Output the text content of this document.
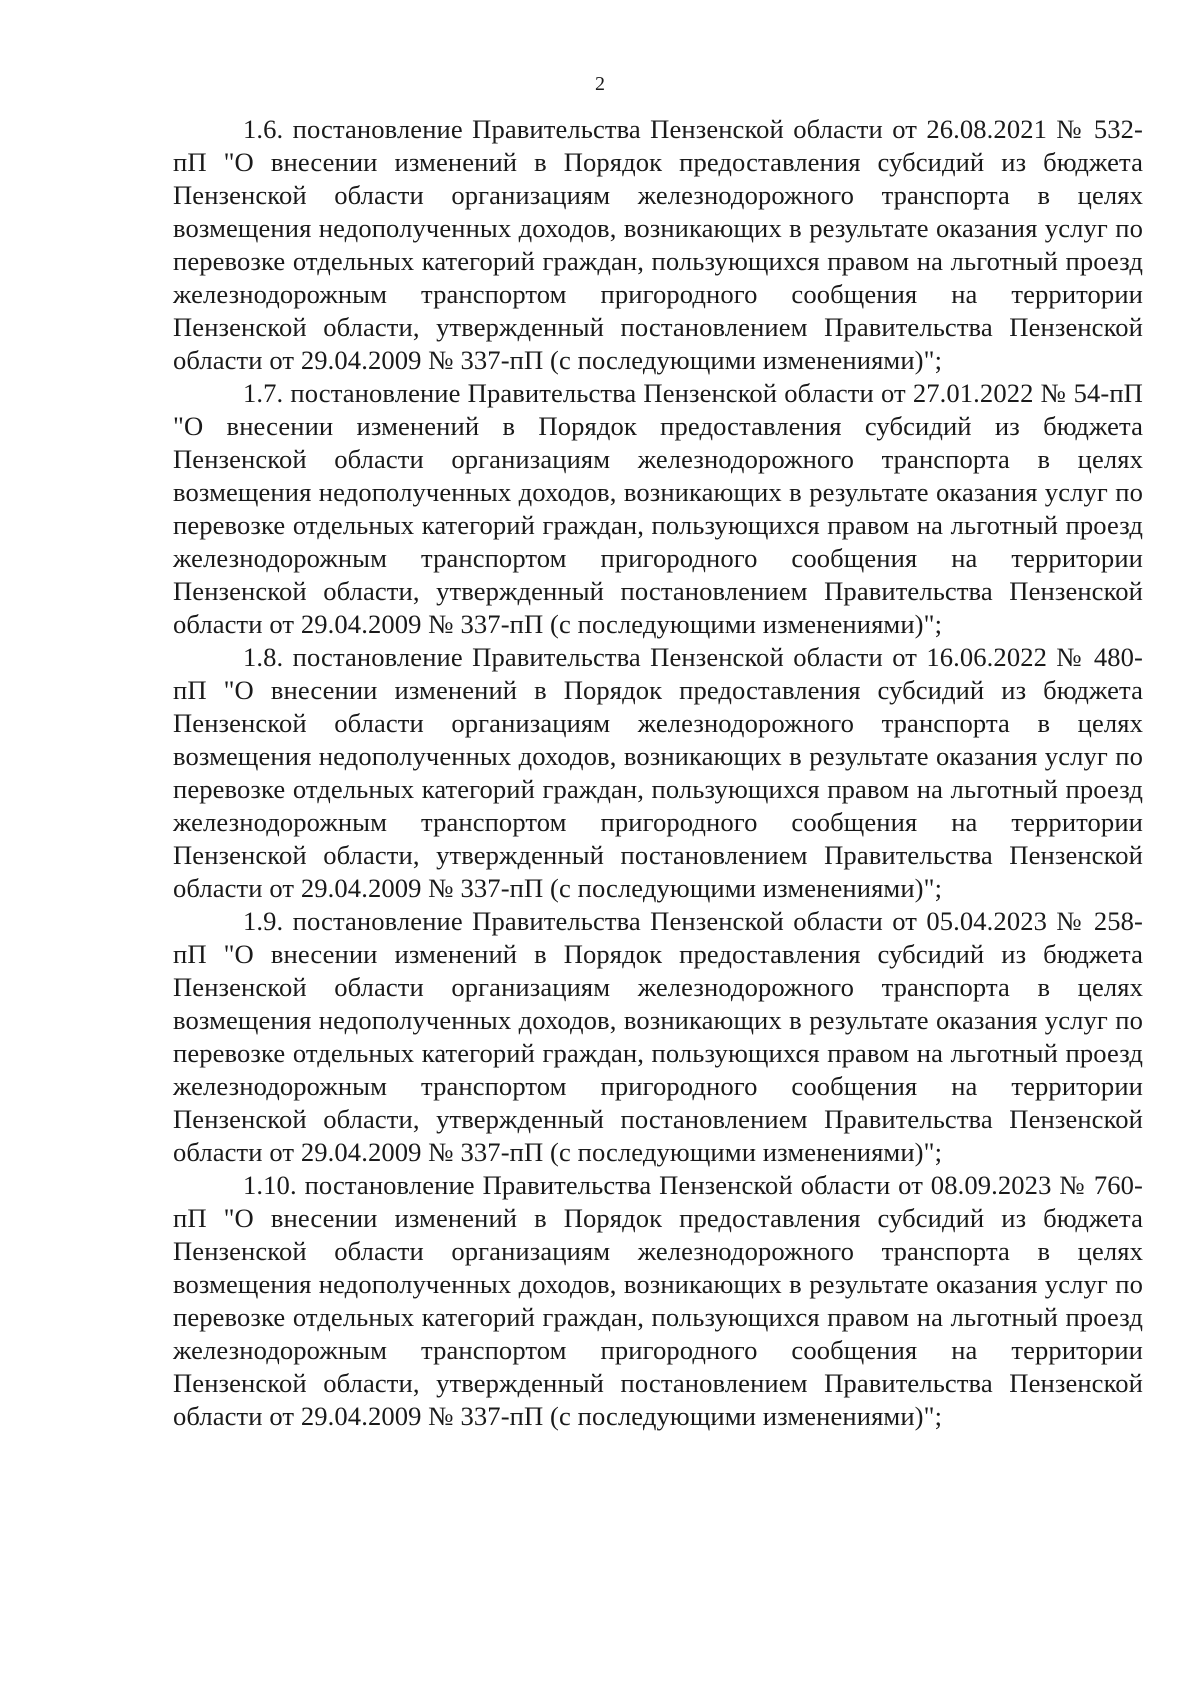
2

1.6. постановление Правительства Пензенской области от 26.08.2021 № 532-пП "О внесении изменений в Порядок предоставления субсидий из бюджета Пензенской области организациям железнодорожного транспорта в целях возмещения недополученных доходов, возникающих в результате оказания услуг по перевозке отдельных категорий граждан, пользующихся правом на льготный проезд железнодорожным транспортом пригородного сообщения на территории Пензенской области, утвержденный постановлением Правительства Пензенской области от 29.04.2009 № 337-пП (с последующими изменениями)";

1.7. постановление Правительства Пензенской области от 27.01.2022 № 54-пП "О внесении изменений в Порядок предоставления субсидий из бюджета Пензенской области организациям железнодорожного транспорта в целях возмещения недополученных доходов, возникающих в результате оказания услуг по перевозке отдельных категорий граждан, пользующихся правом на льготный проезд железнодорожным транспортом пригородного сообщения на территории Пензенской области, утвержденный постановлением Правительства Пензенской области от 29.04.2009 № 337-пП (с последующими изменениями)";

1.8. постановление Правительства Пензенской области от 16.06.2022 № 480-пП "О внесении изменений в Порядок предоставления субсидий из бюджета Пензенской области организациям железнодорожного транспорта в целях возмещения недополученных доходов, возникающих в результате оказания услуг по перевозке отдельных категорий граждан, пользующихся правом на льготный проезд железнодорожным транспортом пригородного сообщения на территории Пензенской области, утвержденный постановлением Правительства Пензенской области от 29.04.2009 № 337-пП (с последующими изменениями)";

1.9. постановление Правительства Пензенской области от 05.04.2023 № 258-пП "О внесении изменений в Порядок предоставления субсидий из бюджета Пензенской области организациям железнодорожного транспорта в целях возмещения недополученных доходов, возникающих в результате оказания услуг по перевозке отдельных категорий граждан, пользующихся правом на льготный проезд железнодорожным транспортом пригородного сообщения на территории Пензенской области, утвержденный постановлением Правительства Пензенской области от 29.04.2009 № 337-пП (с последующими изменениями)";

1.10. постановление Правительства Пензенской области от 08.09.2023 № 760-пП "О внесении изменений в Порядок предоставления субсидий из бюджета Пензенской области организациям железнодорожного транспорта в целях возмещения недополученных доходов, возникающих в результате оказания услуг по перевозке отдельных категорий граждан, пользующихся правом на льготный проезд железнодорожным транспортом пригородного сообщения на территории Пензенской области, утвержденный постановлением Правительства Пензенской области от 29.04.2009 № 337-пП (с последующими изменениями)";
